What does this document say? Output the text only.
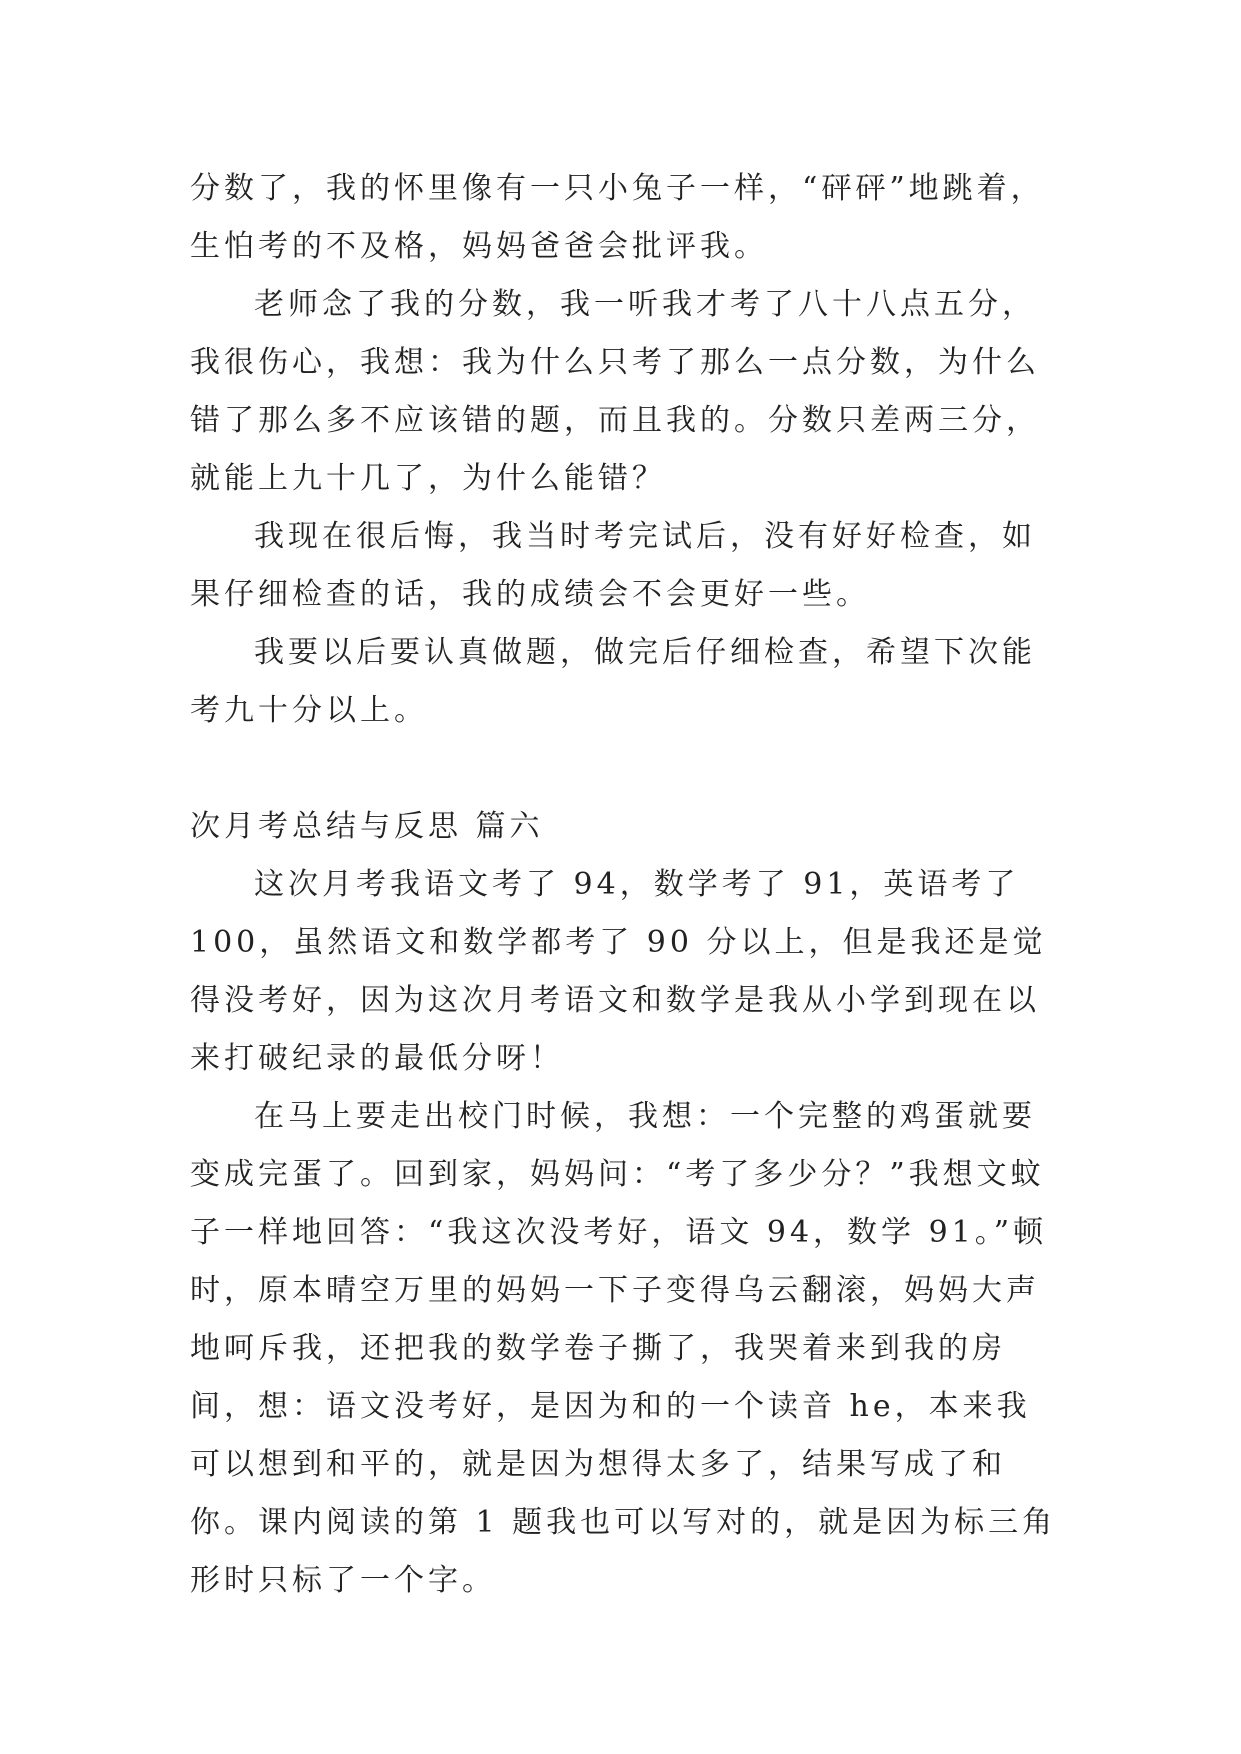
分数了，我的怀里像有一只小兔子一样，“砰砰”地跳着，生怕考的不及格，妈妈爸爸会批评我。

老师念了我的分数，我一听我才考了八十八点五分，我很伤心，我想：我为什么只考了那么一点分数，为什么错了那么多不应该错的题，而且我的。分数只差两三分，就能上九十几了，为什么能错？

我现在很后悔，我当时考完试后，没有好好检查，如果仔细检查的话，我的成绩会不会更好一些。

我要以后要认真做题，做完后仔细检查，希望下次能考九十分以上。

次月考总结与反思 篇六

这次月考我语文考了 94，数学考了 91，英语考了 100，虽然语文和数学都考了 90 分以上，但是我还是觉得没考好，因为这次月考语文和数学是我从小学到现在以来打破纪录的最低分呀！

在马上要走出校门时候，我想：一个完整的鸡蛋就要变成完蛋了。回到家，妈妈问：“考了多少分？”我想文蚊子一样地回答：“我这次没考好，语文 94，数学 91。”顿时，原本晴空万里的妈妈一下子变得乌云翻滚，妈妈大声地呵斥我，还把我的数学卷子撕了，我哭着来到我的房间，想：语文没考好，是因为和的一个读音 he，本来我可以想到和平的，就是因为想得太多了，结果写成了和你。课内阅读的第 1 题我也可以写对的，就是因为标三角形时只标了一个字。
